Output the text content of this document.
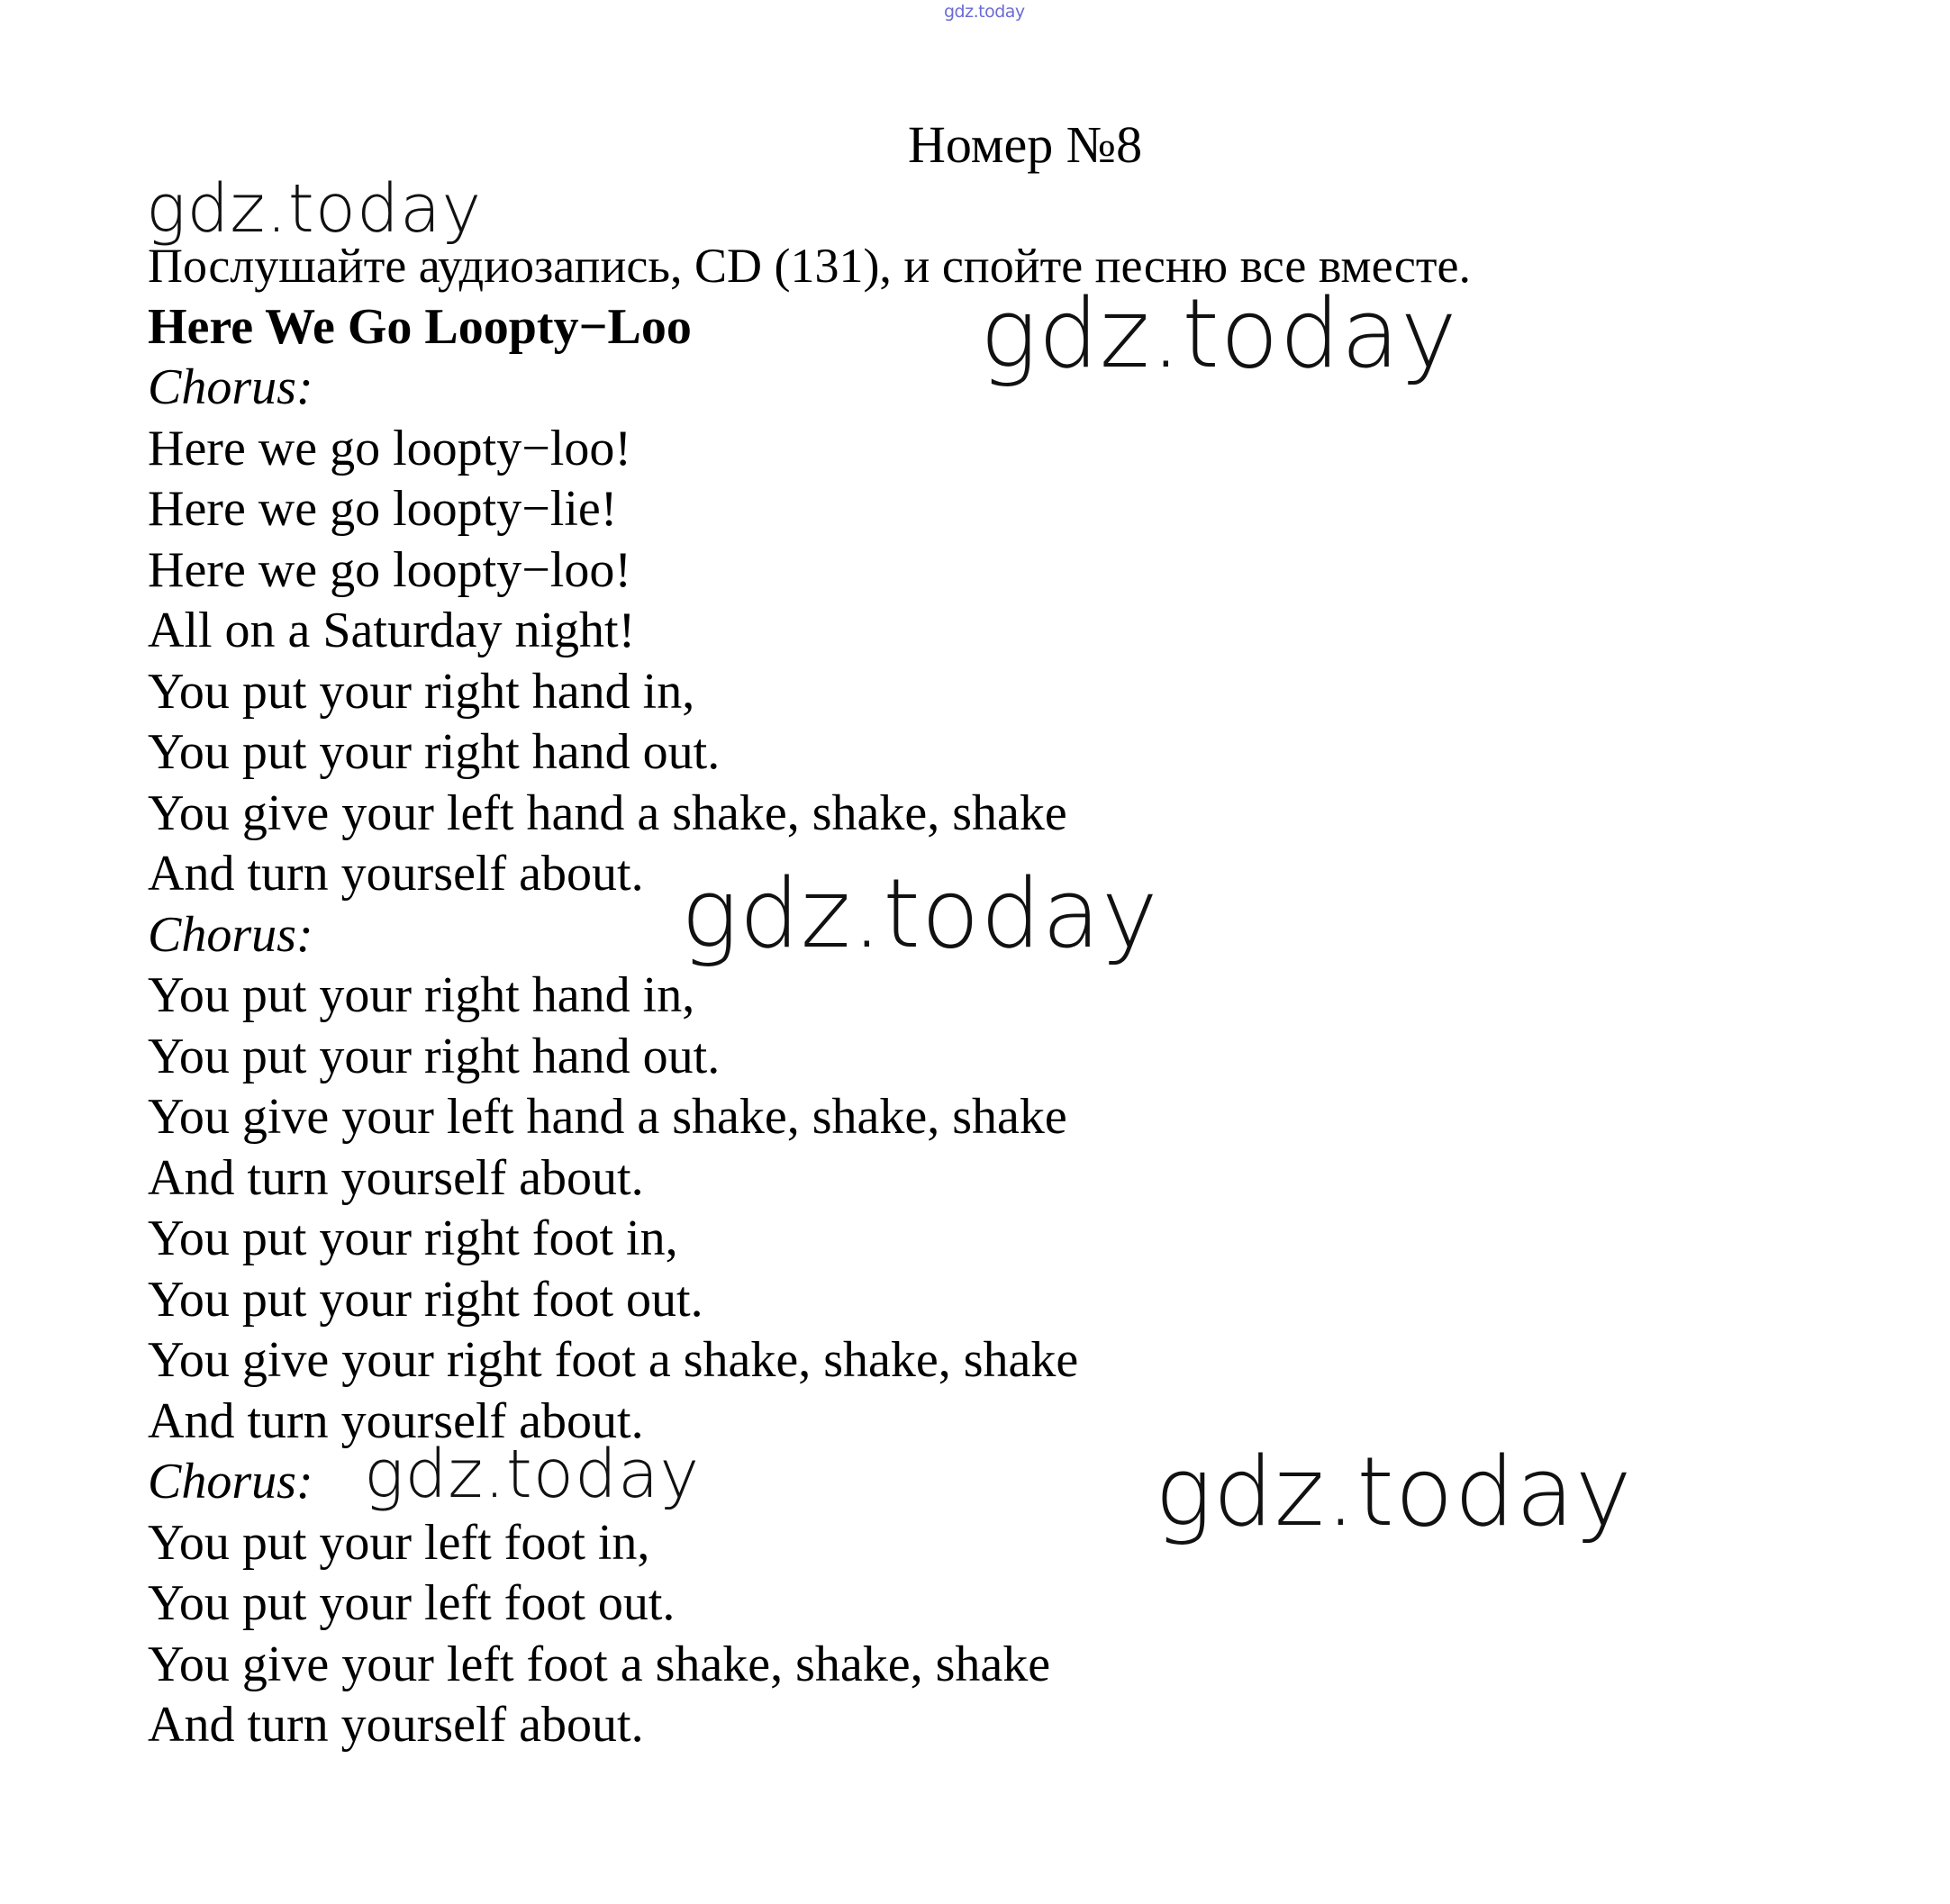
gdz.today
Номер №8
gdz.today
gdz.today
gdz.today
gdz.today	gdz.today
Послушайте аудиозапись, CD (131), и спойте песню все вместе.
Here We Go Loopty−Loo
Chorus:
Here we go loopty−loo!
Here we go loopty−lie!
Here we go loopty−loo!
All on a Saturday night!
You put your right hand in,
You put your right hand out.
You give your left hand a shake, shake, shake
And turn yourself about.
Chorus:
You put your right hand in,
You put your right hand out.
You give your left hand a shake, shake, shake
And turn yourself about.
You put your right foot in,
You put your right foot out.
You give your right foot a shake, shake, shake
And turn yourself about.
Chorus:
You put your left foot in,
You put your left foot out.
You give your left foot a shake, shake, shake
And turn yourself about.
